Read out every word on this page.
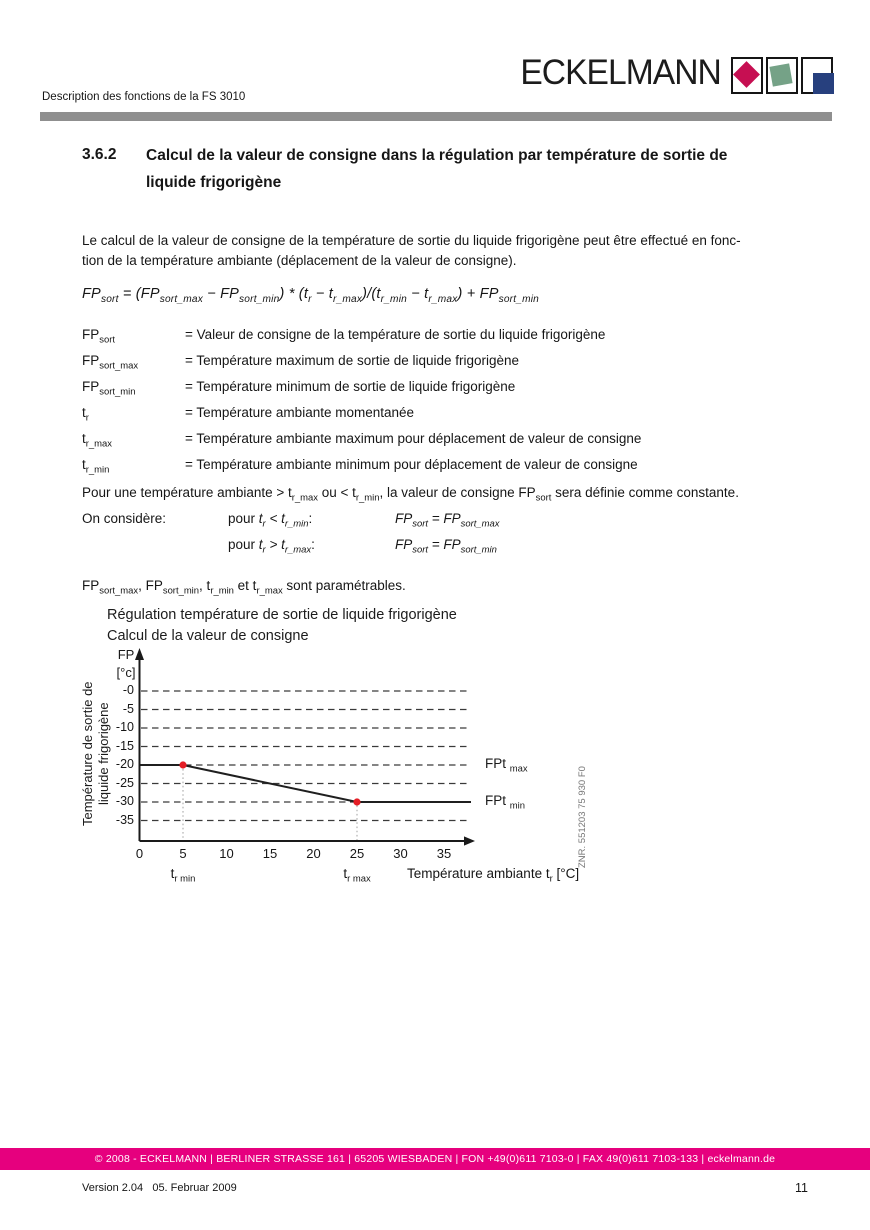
ECKELMANN
Description des fonctions de la FS 3010
3.6.2	Calcul de la valeur de consigne dans la régulation par température de sortie de
liquide frigorigène
Le calcul de la valeur de consigne de la température de sortie du liquide frigorigène peut être effectué en fonc-
tion de la température ambiante (déplacement de la valeur de consigne).
$FP_{sort} = (FP_{sort\_max} - FP_{sort\_min}) * (t_r - t_{r\_max})/(t_{r\_min} - t_{r\_max}) + FP_{sort\_min}$
$FP_{sort}$	= Valeur de consigne de la température de sortie du liquide frigorigène
$FP_{sort\_max}$	= Température maximum de sortie de liquide frigorigène
$FP_{sort\_min}$	= Température minimum de sortie de liquide frigorigène
$t_r$	= Température ambiante momentanée
$t_{r\_max}$	= Température ambiante maximum pour déplacement de valeur de consigne
$t_{r\_min}$	= Température ambiante minimum pour déplacement de valeur de consigne
Pour une température ambiante > $t_{r\_max}$ ou < $t_{r\_min}$, la valeur de consigne $FP_{sort}$ sera définie comme constante.
On considère:	pour $t_r < t_{r\_min}$:	$FP_{sort} = FP_{sort\_max}$
pour $t_r > t_{r\_max}$:	$FP_{sort} = FP_{sort\_min}$
$FP_{sort\_max}$, $FP_{sort\_min}$, $t_{r\_min}$ et $t_{r\_max}$ sont paramétrables.
Régulation température de sortie de liquide frigorigène
Calcul de la valeur de consigne
FP
[°c]
Température de sortie de liquide frigorigène
-0
-5
-10
-15
-20
-25
-30
-35
0	5	10	15	20	25	30	35
$t_{r min}$	$t_{r max}$	Température ambiante $t_r$ [°C]
FPt $_{max}$
FPt $_{min}$	ZNR. 551203 75 930 F0
© 2008 - ECKELMANN | BERLINER STRASSE 161 | 65205 WIESBADEN | FON +49(0)611 7103-0 | FAX 49(0)611 7103-133 | eckelmann.de
Version 2.04   05. Februar 2009	11
